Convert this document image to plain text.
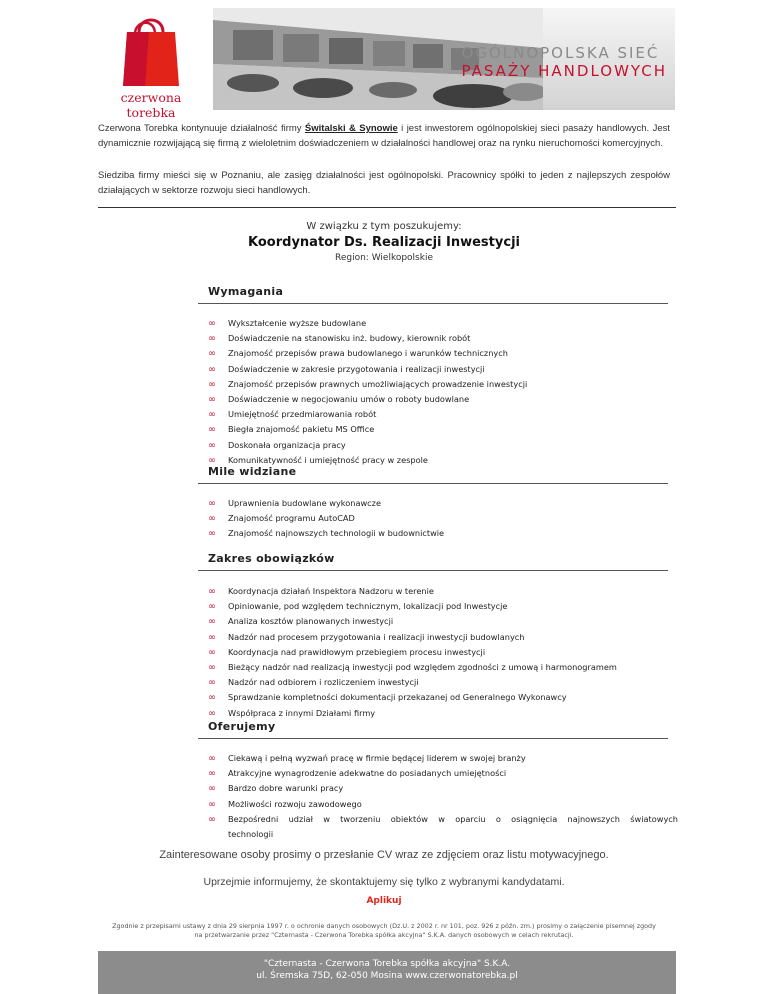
czerwona torebka
OGÓLNOPOLSKA SIEĆ
PASAŻY HANDLOWYCH

Czerwona Torebka kontynuuje działalność firmy Świtalski & Synowie i jest inwestorem ogólnopolskiej sieci pasaży handlowych. Jest dynamicznie rozwijającą się firmą z wieloletnim doświadczeniem w działalności handlowej oraz na rynku nieruchomości komercyjnych.

Siedziba firmy mieści się w Poznaniu, ale zasięg działalności jest ogólnopolski. Pracownicy spółki to jeden z najlepszych zespołów działających w sektorze rozwoju sieci handlowych.

W związku z tym poszukujemy:
Koordynator Ds. Realizacji Inwestycji
Region: Wielkopolskie
Wymagania
∞ Wykształcenie wyższe budowlane
∞ Doświadczenie na stanowisku inż. budowy, kierownik robót
∞ Znajomość przepisów prawa budowlanego i warunków technicznych
∞ Doświadczenie w zakresie przygotowania i realizacji inwestycji
∞ Znajomość przepisów prawnych umożliwiających prowadzenie inwestycji
∞ Doświadczenie w negocjowaniu umów o roboty budowlane
∞ Umiejętność przedmiarowania robót
∞ Biegła znajomość pakietu MS Office
∞ Doskonała organizacja pracy
∞ Komunikatywność i umiejętność pracy w zespole
Mile widziane
∞ Uprawnienia budowlane wykonawcze
∞ Znajomość programu AutoCAD
∞ Znajomość najnowszych technologii w budownictwie
Zakres obowiązków
∞ Koordynacja działań Inspektora Nadzoru w terenie
∞ Opiniowanie, pod względem technicznym, lokalizacji pod Inwestycje
∞ Analiza kosztów planowanych inwestycji
∞ Nadzór nad procesem przygotowania i realizacji inwestycji budowlanych
∞ Koordynacja nad prawidłowym przebiegiem procesu inwestycji
∞ Bieżący nadzór nad realizacją inwestycji pod względem zgodności z umową i harmonogramem
∞ Nadzór nad odbiorem i rozliczeniem inwestycji
∞ Sprawdzanie kompletności dokumentacji przekazanej od Generalnego Wykonawcy
∞ Współpraca z innymi Działami firmy
Oferujemy
∞ Ciekawą i pełną wyzwań pracę w firmie będącej liderem w swojej branży
∞ Atrakcyjne wynagrodzenie adekwatne do posiadanych umiejętności
∞ Bardzo dobre warunki pracy
∞ Możliwości rozwoju zawodowego
∞ Bezpośredni udział w tworzeniu obiektów w oparciu o osiągnięcia najnowszych światowych
technologii
Zainteresowane osoby prosimy o przesłanie CV wraz ze zdjęciem oraz listu motywacyjnego.
Uprzejmie informujemy, że skontaktujemy się tylko z wybranymi kandydatami.
Aplikuj
Zgodnie z przepisami ustawy z dnia 29 sierpnia 1997 r. o ochronie danych osobowych (Dz.U. z 2002 r. nr 101, poz. 926 z późn. zm.) prosimy o załączenie pisemnej zgody na przetwarzanie przez "Czternasta - Czerwona Torebka spółka akcyjna" S.K.A. danych osobowych w celach rekrutacji.
"Czternasta - Czerwona Torebka spółka akcyjna" S.K.A.
ul. Śremska 75D, 62-050 Mosina www.czerwonatorebka.pl
